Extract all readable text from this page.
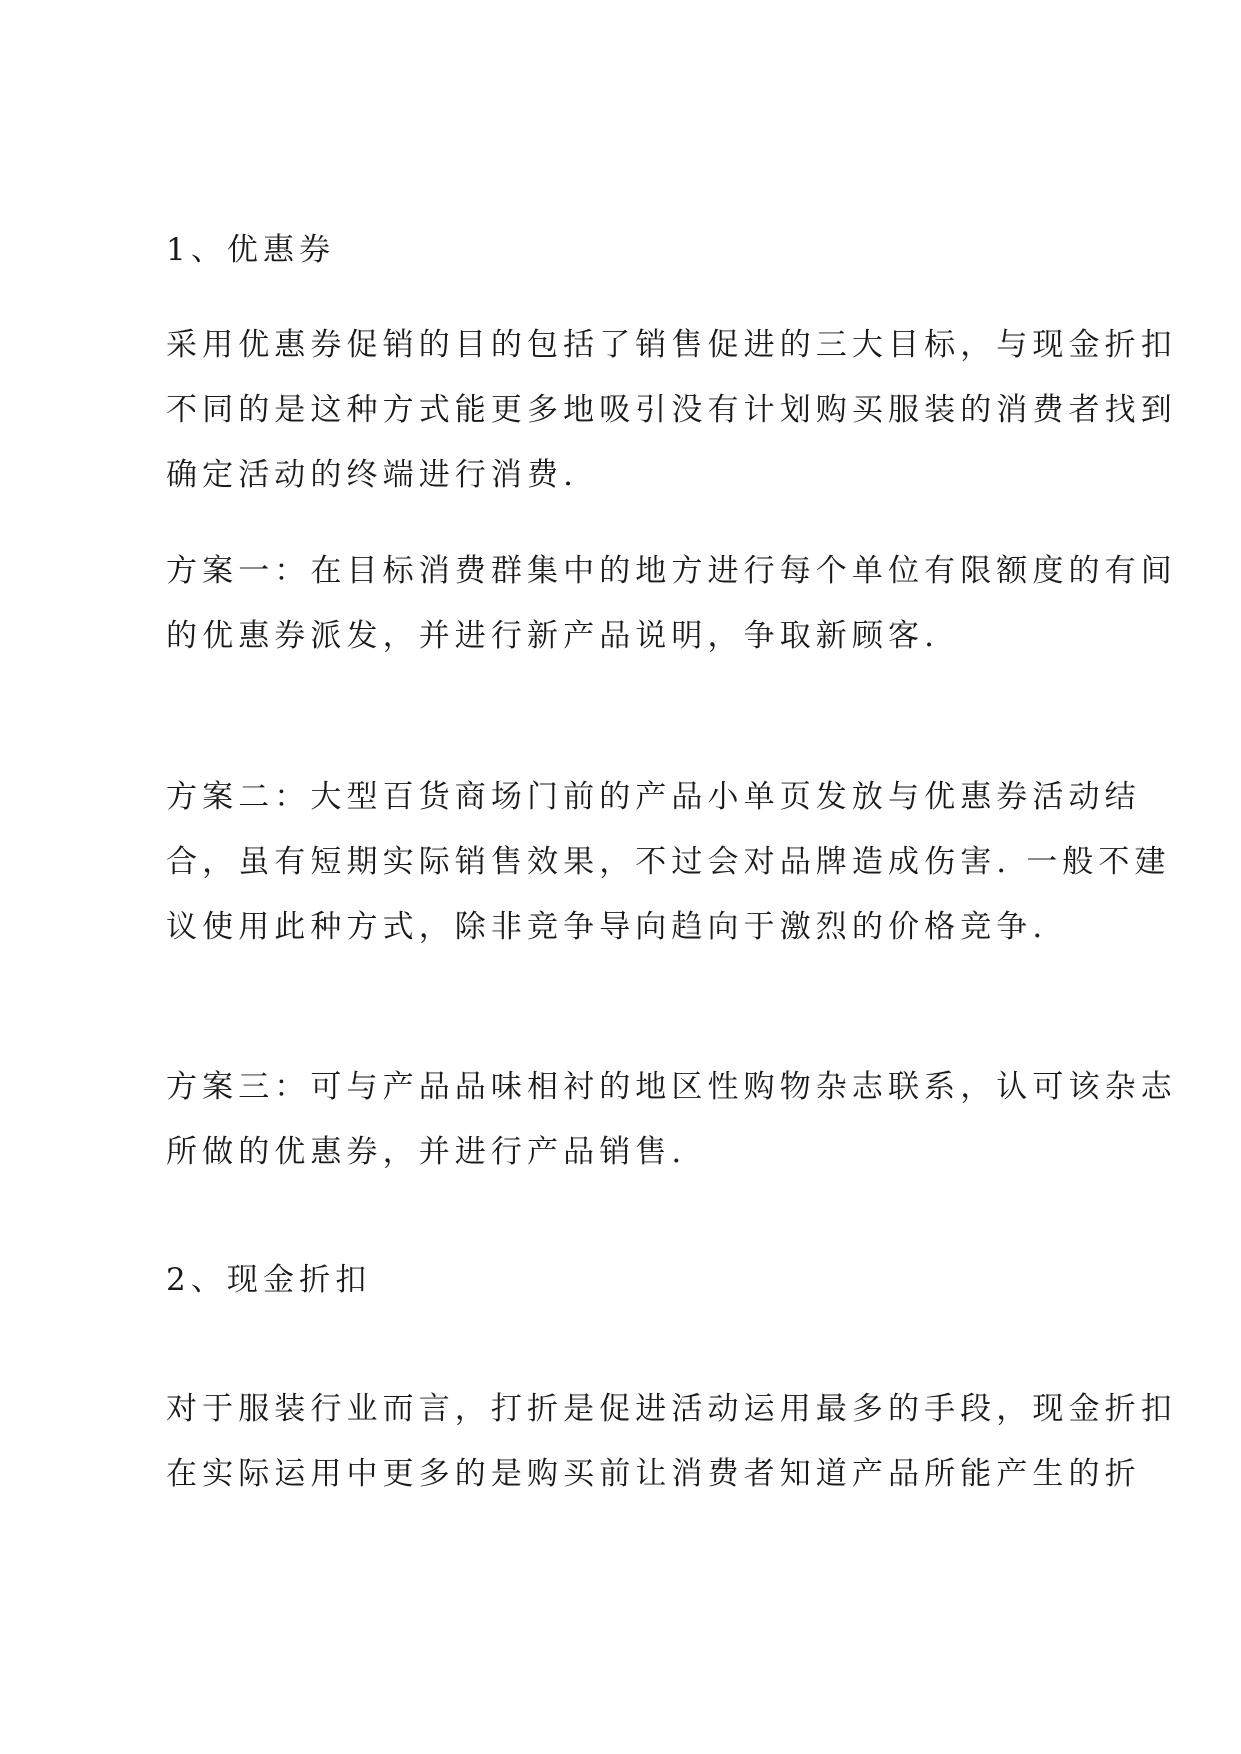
1、优惠券
采用优惠券促销的目的包括了销售促进的三大目标，与现金折扣
不同的是这种方式能更多地吸引没有计划购买服装的消费者找到
确定活动的终端进行消费.
方案一：在目标消费群集中的地方进行每个单位有限额度的有间
的优惠券派发，并进行新产品说明，争取新顾客.
方案二：大型百货商场门前的产品小单页发放与优惠券活动结
合，虽有短期实际销售效果，不过会对品牌造成伤害. 一般不建
议使用此种方式，除非竞争导向趋向于激烈的价格竞争.
方案三：可与产品品味相衬的地区性购物杂志联系，认可该杂志
所做的优惠券，并进行产品销售.
2、现金折扣
对于服装行业而言，打折是促进活动运用最多的手段，现金折扣
在实际运用中更多的是购买前让消费者知道产品所能产生的折
